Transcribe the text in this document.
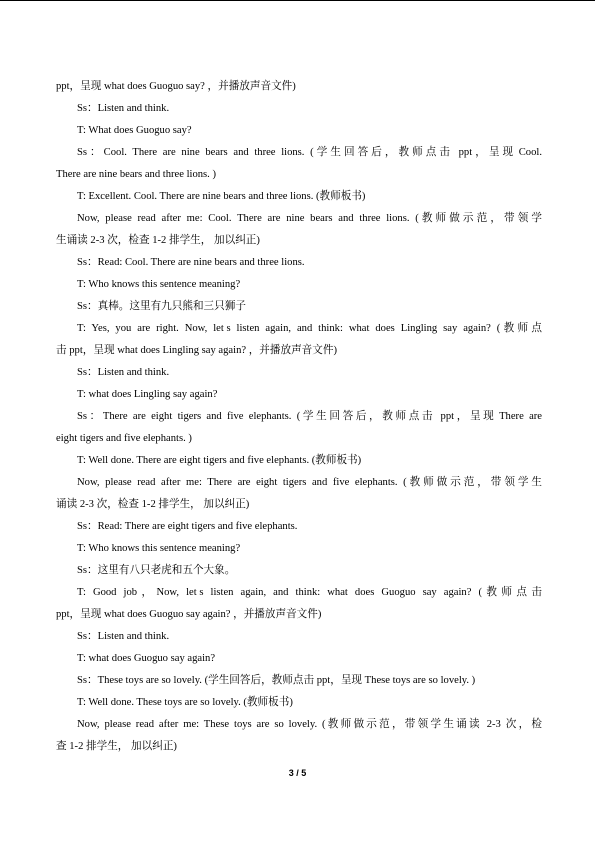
ppt，呈现 what does Guoguo say? ，并播放声音文件)
Ss：Listen and think.
T: What does Guoguo say?
Ss：Cool. There are nine bears and three lions. (学生回答后，教师点击 ppt，呈现 Cool.
There are nine bears and three lions. )
T: Excellent. Cool. There are nine bears and three lions. (教师板书)
Now, please read after me: Cool. There are nine bears and three lions. (教师做示范，带领学
生诵读 2-3 次，检查 1-2 排学生， 加以纠正)
Ss：Read: Cool. There are nine bears and three lions.
T: Who knows this sentence meaning?
Ss：真棒。这里有九只熊和三只狮子
T: Yes, you are right. Now, let s listen again, and think: what does Lingling say again? (教师点
击 ppt，呈现 what does Lingling say again? ，并播放声音文件)
Ss：Listen and think.
T: what does Lingling say again?
Ss：There are eight tigers and five elephants. (学生回答后，教师点击 ppt，呈现 There are
eight tigers and five elephants. )
T: Well done. There are eight tigers and five elephants. (教师板书)
Now, please read after me: There are eight tigers and five elephants. (教师做示范，带领学生
诵读 2-3 次，检查 1-2 排学生， 加以纠正)
Ss：Read: There are eight tigers and five elephants.
T: Who knows this sentence meaning?
Ss：这里有八只老虎和五个大象。
T: Good job，Now, let s listen again, and think: what does Guoguo say again? (教师点击
ppt，呈现 what does Guoguo say again? ，并播放声音文件)
Ss：Listen and think.
T: what does Guoguo say again?
Ss：These toys are so lovely. (学生回答后，教师点击 ppt，呈现 These toys are so lovely. )
T: Well done. These toys are so lovely. (教师板书)
Now, please read after me: These toys are so lovely. (教师做示范，带领学生诵读 2-3 次，检
查 1-2 排学生， 加以纠正)
3 / 5
